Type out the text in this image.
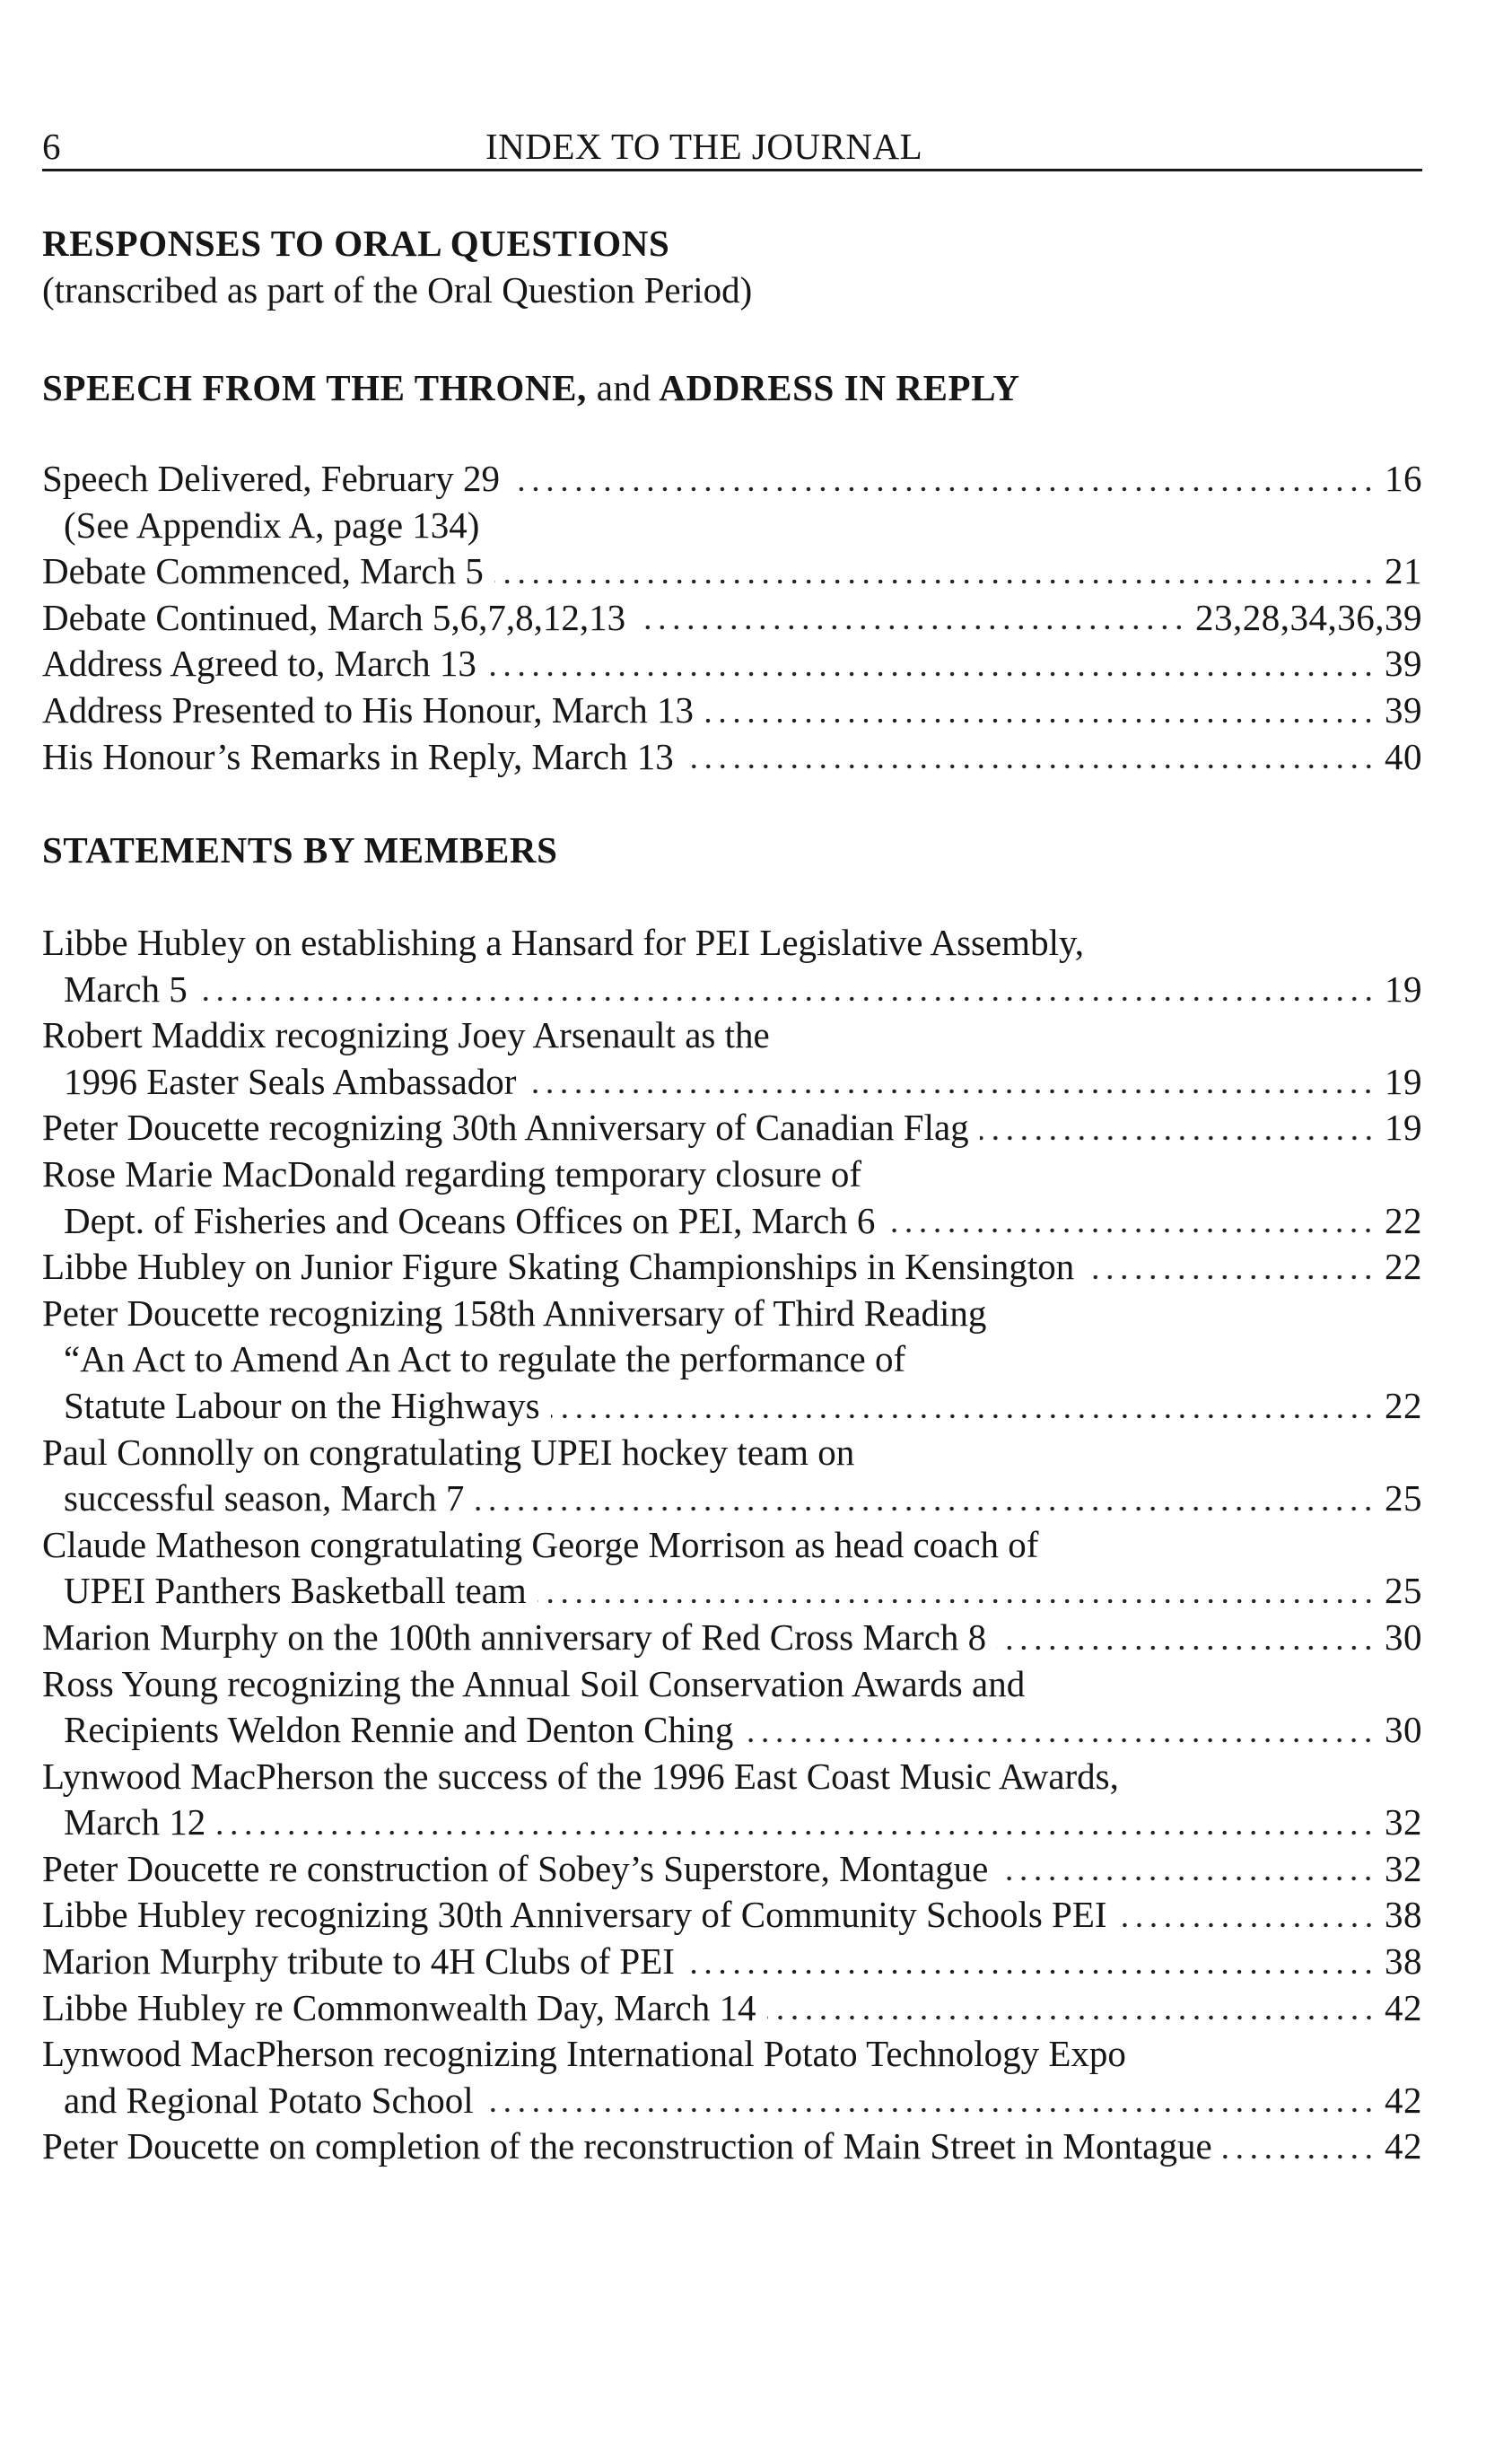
6	INDEX TO THE JOURNAL
RESPONSES TO ORAL QUESTIONS
(transcribed as part of the Oral Question Period)
SPEECH FROM THE THRONE, and ADDRESS IN REPLY
Speech Delivered, February 29	16
(See Appendix A, page 134)
Debate Commenced, March 5	21
Debate Continued, March 5,6,7,8,12,13	23,28,34,36,39
Address Agreed to, March 13	39
Address Presented to His Honour, March 13	39
His Honour’s Remarks in Reply, March 13	40
STATEMENTS BY MEMBERS
Libbe Hubley on establishing a Hansard for PEI Legislative Assembly,
March 5	19
Robert Maddix recognizing Joey Arsenault as the
1996 Easter Seals Ambassador	19
Peter Doucette recognizing 30th Anniversary of Canadian Flag	19
Rose Marie MacDonald regarding temporary closure of
Dept. of Fisheries and Oceans Offices on PEI, March 6	22
Libbe Hubley on Junior Figure Skating Championships in Kensington	22
Peter Doucette recognizing 158th Anniversary of Third Reading
“An Act to Amend An Act to regulate the performance of
Statute Labour on the Highways	22
Paul Connolly on congratulating UPEI hockey team on
successful season, March 7	25
Claude Matheson congratulating George Morrison as head coach of
UPEI Panthers Basketball team	25
Marion Murphy on the 100th anniversary of Red Cross March 8	30
Ross Young recognizing the Annual Soil Conservation Awards and
Recipients Weldon Rennie and Denton Ching	30
Lynwood MacPherson the success of the 1996 East Coast Music Awards,
March 12	32
Peter Doucette re construction of Sobey’s Superstore, Montague	32
Libbe Hubley recognizing 30th Anniversary of Community Schools PEI	38
Marion Murphy tribute to 4H Clubs of PEI	38
Libbe Hubley re Commonwealth Day, March 14	42
Lynwood MacPherson recognizing International Potato Technology Expo
and Regional Potato School	42
Peter Doucette on completion of the reconstruction of Main Street in Montague	42
